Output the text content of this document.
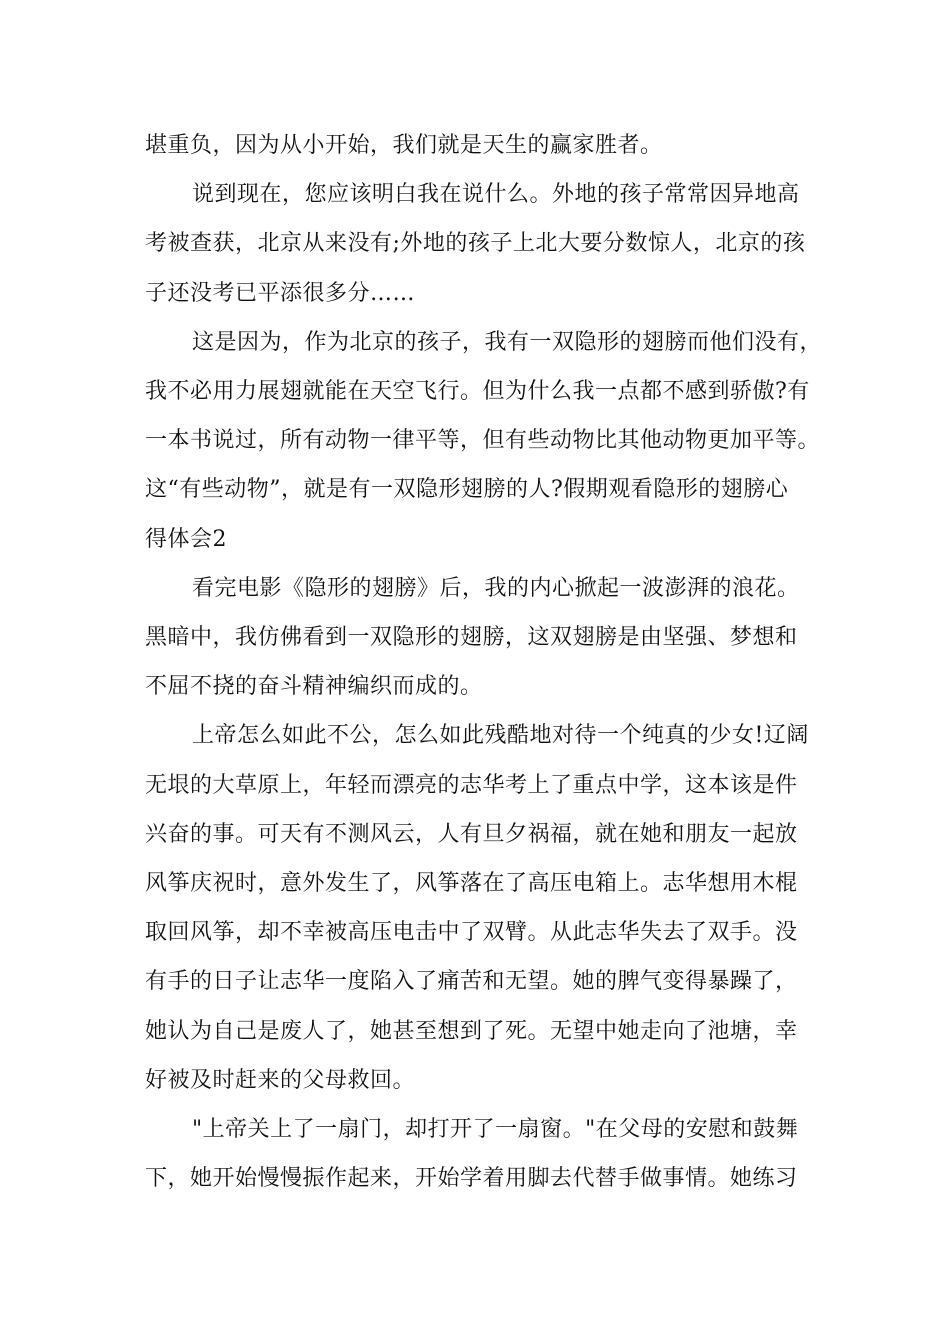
堪重负，因为从小开始，我们就是天生的赢家胜者。
说到现在，您应该明白我在说什么。外地的孩子常常因异地高
考被查获，北京从来没有;外地的孩子上北大要分数惊人，北京的孩
子还没考已平添很多分……
这是因为，作为北京的孩子，我有一双隐形的翅膀而他们没有，
我不必用力展翅就能在天空飞行。但为什么我一点都不感到骄傲?有
一本书说过，所有动物一律平等，但有些动物比其他动物更加平等。
这“有些动物”，就是有一双隐形翅膀的人?假期观看隐形的翅膀心
得体会2
看完电影《隐形的翅膀》后，我的内心掀起一波澎湃的浪花。
黑暗中，我仿佛看到一双隐形的翅膀，这双翅膀是由坚强、梦想和
不屈不挠的奋斗精神编织而成的。
上帝怎么如此不公，怎么如此残酷地对待一个纯真的少女!辽阔
无垠的大草原上，年轻而漂亮的志华考上了重点中学，这本该是件
兴奋的事。可天有不测风云，人有旦夕祸福，就在她和朋友一起放
风筝庆祝时，意外发生了，风筝落在了高压电箱上。志华想用木棍
取回风筝，却不幸被高压电击中了双臂。从此志华失去了双手。没
有手的日子让志华一度陷入了痛苦和无望。她的脾气变得暴躁了，
她认为自己是废人了，她甚至想到了死。无望中她走向了池塘，幸
好被及时赶来的父母救回。
"上帝关上了一扇门，却打开了一扇窗。"在父母的安慰和鼓舞
下，她开始慢慢振作起来，开始学着用脚去代替手做事情。她练习
